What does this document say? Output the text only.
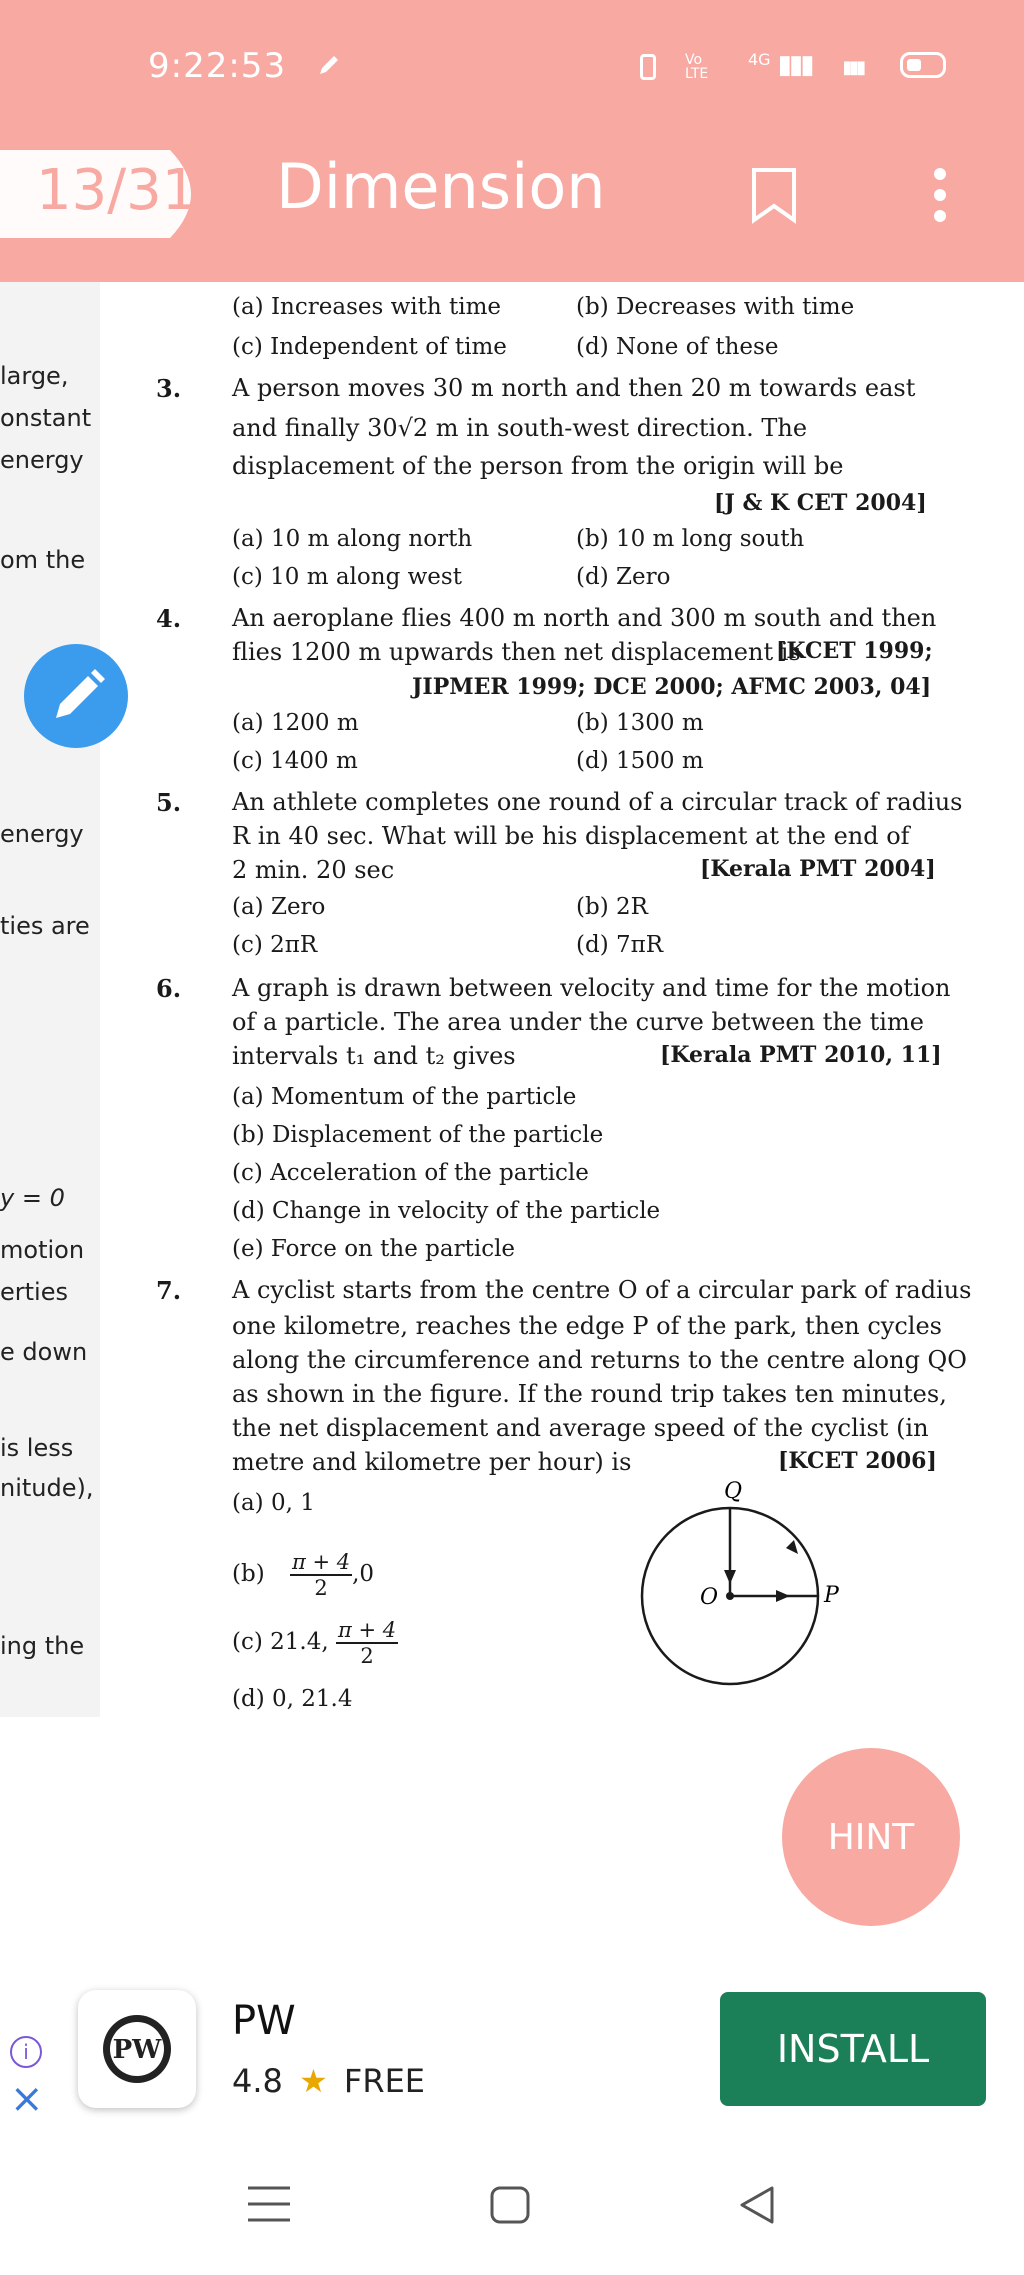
9:22:53	Vo LTE $^{4G}$ ▮▮▮ ▮▮▮
13/31 Dimension
large,
onstant
energy
om the
energy
ties are
y = 0
motion
erties
e down
is less
nitude),
ing the
(a) Increases with time	(b) Decreases with time
(c) Independent of time	(d) None of these
3. A person moves 30 m north and then 20 m towards east
and finally 30√2 m in south-west direction. The
displacement of the person from the origin will be
[J & K CET 2004]
(a) 10 m along north	(b) 10 m long south
(c) 10 m along west	(d) Zero
4. An aeroplane flies 400 m north and 300 m south and then
flies 1200 m upwards then net displacement is
[KCET 1999;
JIPMER 1999; DCE 2000; AFMC 2003, 04]
(a) 1200 m	(b) 1300 m
(c) 1400 m	(d) 1500 m
5. An athlete completes one round of a circular track of radius
R in 40 sec. What will be his displacement at the end of
2 min. 20 sec	[Kerala PMT 2004]
(a) Zero	(b) 2R
(c) 2πR	(d) 7πR
6. A graph is drawn between velocity and time for the motion
of a particle. The area under the curve between the time
intervals t₁ and t₂ gives	[Kerala PMT 2010, 11]
(a) Momentum of the particle
(b) Displacement of the particle
(c) Acceleration of the particle
(d) Change in velocity of the particle
(e) Force on the particle
7. A cyclist starts from the centre O of a circular park of radius
one kilometre, reaches the edge P of the park, then cycles
along the circumference and returns to the centre along QO
as shown in the figure. If the round trip takes ten minutes,
the net displacement and average speed of the cyclist (in
metre and kilometre per hour) is	[KCET 2006]
(a) 0, 1
$(b) \frac{\pi + 4}{2} ,0$
(c) 21.4, $\frac{\pi + 4}{2}$
(d) 0, 21.4
Q
O	P
HINT
i
×
PW
PW
4.8 ★ FREE
INSTALL
